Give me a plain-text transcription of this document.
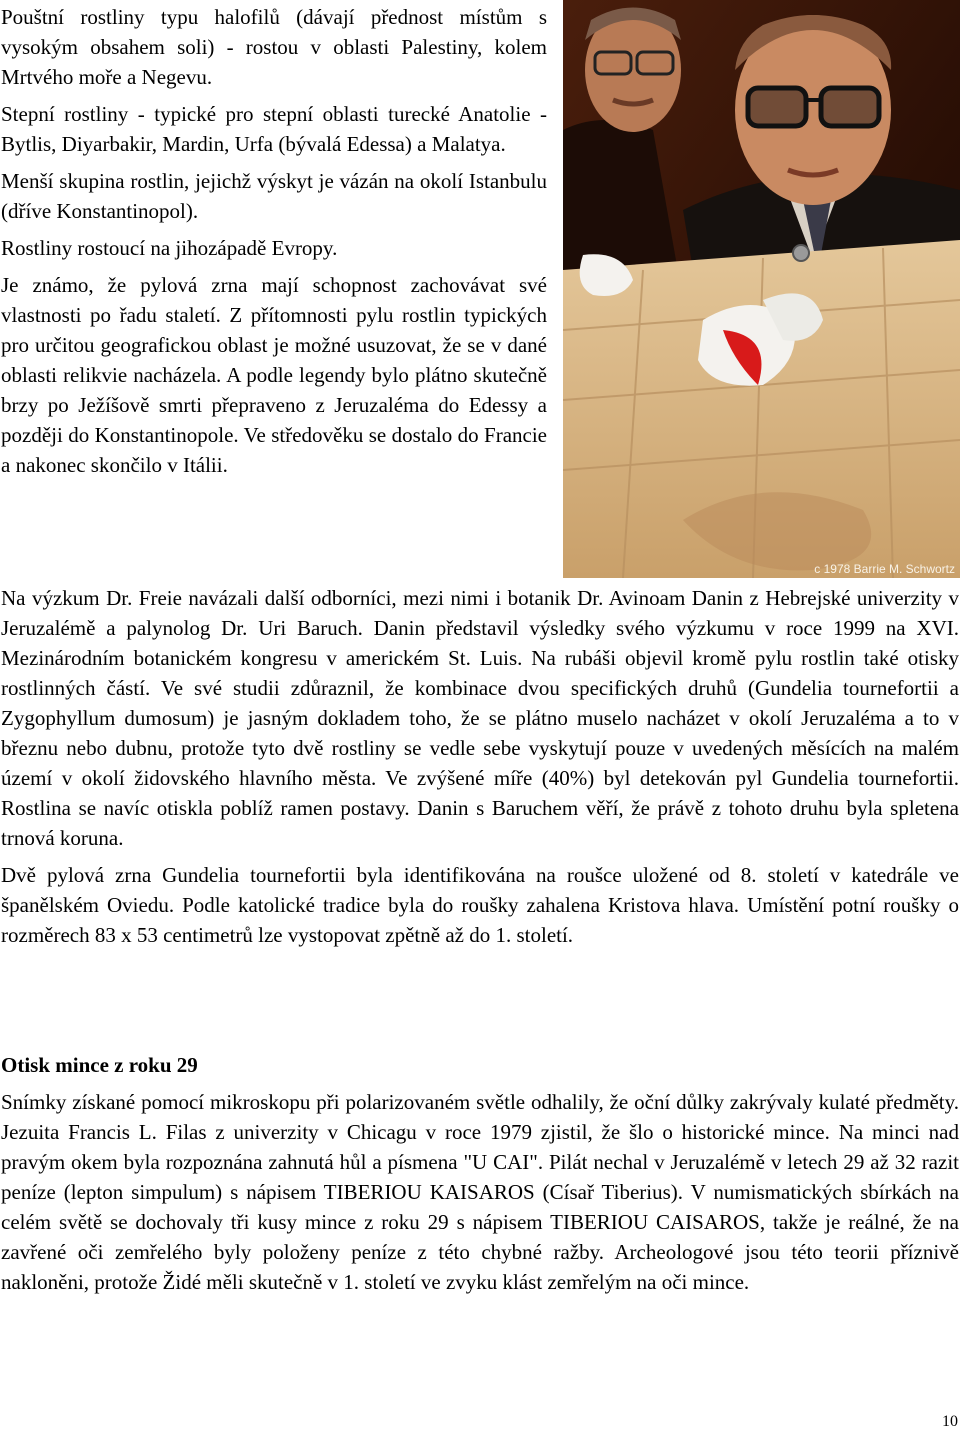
Pouštní rostliny typu halofilů (dávají přednost místům s vysokým obsahem soli) - rostou v oblasti Palestiny, kolem Mrtvého moře a Negevu.

Stepní rostliny - typické pro stepní oblasti turecké Anatolie - Bytlis, Diyarbakir, Mardin, Urfa (bývalá Edessa) a Malatya.

Menší skupina rostlin, jejichž výskyt je vázán na okolí Istanbulu (dříve Konstantinopol).

Rostliny rostoucí na jihozápadě Evropy.

Je známo, že pylová zrna mají schopnost zachovávat své vlastnosti po řadu staletí. Z přítomnosti pylu rostlin typických pro určitou geografickou oblast je možné usuzovat, že se v dané oblasti relikvie nacházela. A podle legendy bylo plátno skutečně brzy po Ježíšově smrti přepraveno z Jeruzaléma do Edessy a později do Konstantinopole. Ve středověku se dostalo do Francie a nakonec skončilo v Itálii.

c 1978 Barrie M. Schwortz

Na výzkum Dr. Freie navázali další odborníci, mezi nimi i botanik Dr. Avinoam Danin z Hebrejské univerzity v Jeruzalémě a palynolog Dr. Uri Baruch. Danin představil výsledky svého výzkumu v roce 1999 na XVI. Mezinárodním botanickém kongresu v americkém St. Luis. Na rubáši objevil kromě pylu rostlin také otisky rostlinných částí. Ve své studii zdůraznil, že kombinace dvou specifických druhů (Gundelia tournefortii a Zygophyllum dumosum) je jasným dokladem toho, že se plátno muselo nacházet v okolí Jeruzaléma a to v březnu nebo dubnu, protože tyto dvě rostliny se vedle sebe vyskytují pouze v uvedených měsících na malém území v okolí židovského hlavního města. Ve zvýšené míře (40%) byl detekován pyl Gundelia tournefortii. Rostlina se navíc otiskla poblíž ramen postavy. Danin s Baruchem věří, že právě z tohoto druhu byla spletena trnová koruna.

Dvě pylová zrna Gundelia tournefortii byla identifikována na roušce uložené od 8. století v katedrále ve španělském Oviedu. Podle katolické tradice byla do roušky zahalena Kristova hlava. Umístění potní roušky o rozměrech 83 x 53 centimetrů lze vystopovat zpětně až do 1. století.

Otisk mince z roku 29

Snímky získané pomocí mikroskopu při polarizovaném světle odhalily, že oční důlky zakrývaly kulaté předměty. Jezuita Francis L. Filas z univerzity v Chicagu v roce 1979 zjistil, že šlo o historické mince. Na minci nad pravým okem byla rozpoznána zahnutá hůl a písmena "U CAI". Pilát nechal v Jeruzalémě v letech 29 až 32 razit peníze (lepton simpulum) s nápisem TIBERIOU KAISAROS (Císař Tiberius). V numismatických sbírkách na celém světě se dochovaly tři kusy mince z roku 29 s nápisem TIBERIOU CAISAROS, takže je reálné, že na zavřené oči zemřelého byly položeny peníze z této chybné ražby. Archeologové jsou této teorii příznivě nakloněni, protože Židé měli skutečně v 1. století ve zvyku klást zemřelým na oči mince.

10
